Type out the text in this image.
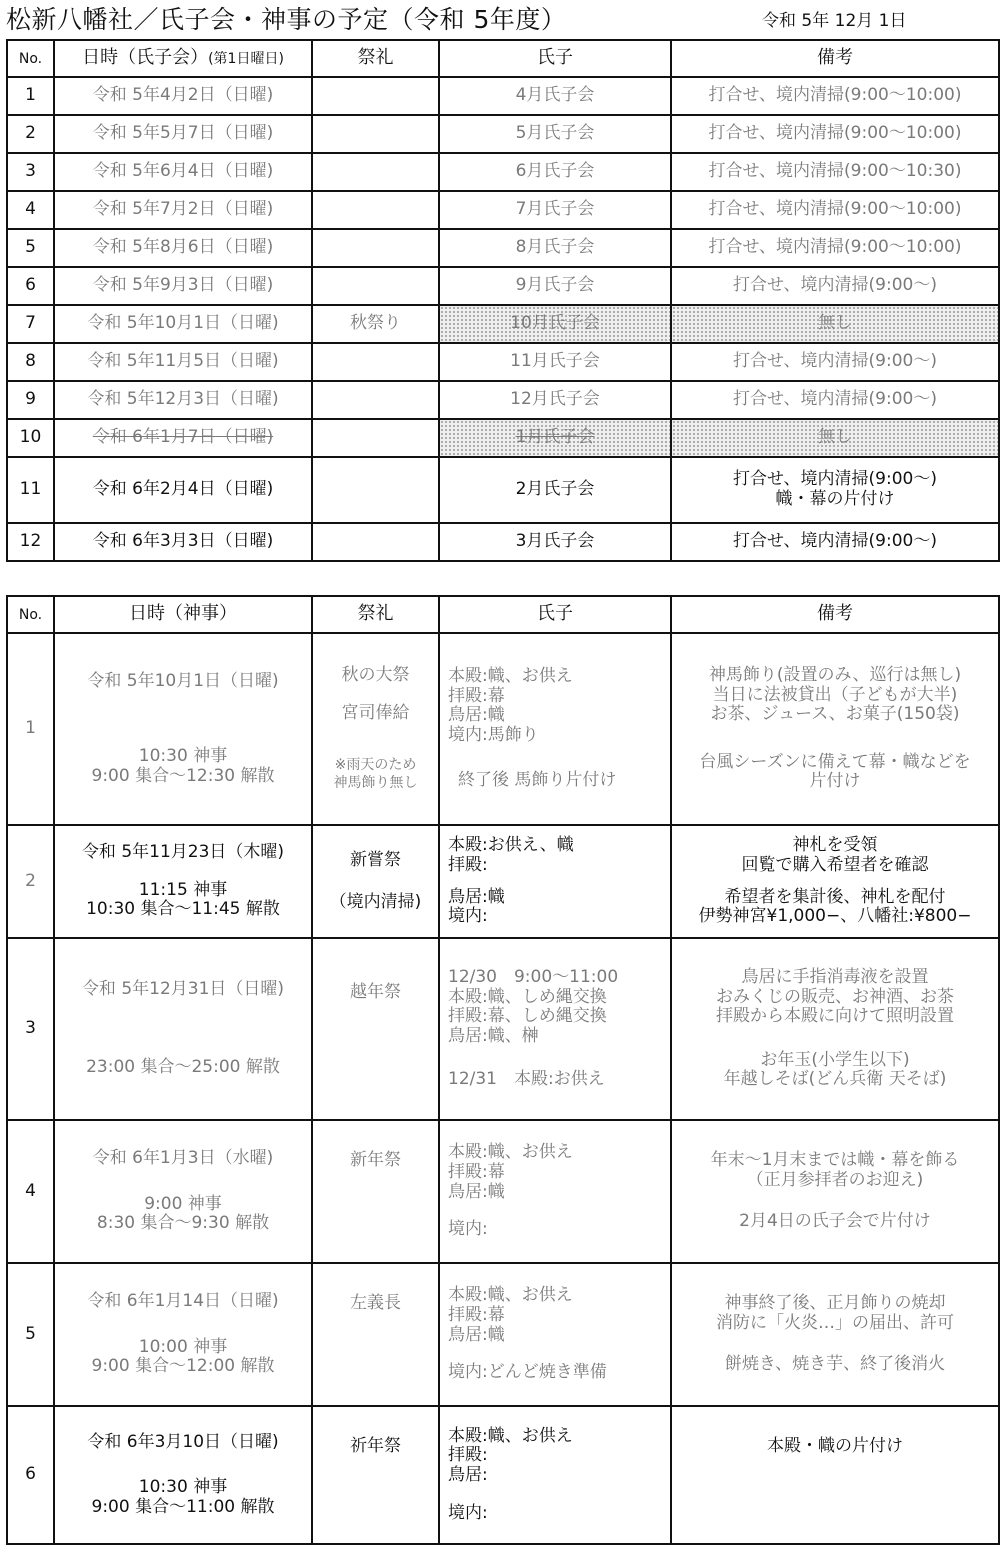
松新八幡社／氏子会・神事の予定（令和 5年度）	令和 5年 12月 1日
No.	日時（氏子会）(第1日曜日)	祭礼	氏子	備考
1	令和 5年4月2日（日曜)		4月氏子会	打合せ、境内清掃(9:00～10:00)
2	令和 5年5月7日（日曜)		5月氏子会	打合せ、境内清掃(9:00～10:00)
3	令和 5年6月4日（日曜)		6月氏子会	打合せ、境内清掃(9:00～10:30)
4	令和 5年7月2日（日曜)		7月氏子会	打合せ、境内清掃(9:00～10:00)
5	令和 5年8月6日（日曜)		8月氏子会	打合せ、境内清掃(9:00～10:00)
6	令和 5年9月3日（日曜)		9月氏子会	打合せ、境内清掃(9:00～)
7	令和 5年10月1日（日曜)	秋祭り	10月氏子会	無し
8	令和 5年11月5日（日曜)		11月氏子会	打合せ、境内清掃(9:00～)
9	令和 5年12月3日（日曜)		12月氏子会	打合せ、境内清掃(9:00～)
10	令和 6年1月7日（日曜)		1月氏子会	無し
11	令和 6年2月4日（日曜)		2月氏子会	打合せ、境内清掃(9:00～)
幟・幕の片付け

12	令和 6年3月3日（日曜)		3月氏子会	打合せ、境内清掃(9:00～)
No.	日時（神事）	祭礼	氏子	備考
1	令和 5年10月1日（日曜)
10:30 神事
9:00 集合～12:30 解散	秋の大祭
宮司俸給
※雨天のため
神馬飾り無し	本殿:幟、お供え
拝殿:幕
鳥居:幟
境内:馬飾り
終了後 馬飾り片付け	神馬飾り(設置のみ、巡行は無し)
当日に法被貸出（子どもが大半)
お茶、ジュース、お菓子(150袋)
台風シーズンに備えて幕・幟などを
片付け

2	令和 5年11月23日（木曜)
11:15 神事
10:30 集合～11:45 解散	新嘗祭
（境内清掃)	本殿:お供え、幟
拝殿:
鳥居:幟
境内:	神札を受領
回覧で購入希望者を確認
希望者を集計後、神札を配付
伊勢神宮¥1,000−、八幡社:¥800−

3	令和 5年12月31日（日曜)
23:00 集合～25:00 解散	越年祭	12/30　9:00～11:00
本殿:幟、しめ縄交換
拝殿:幕、しめ縄交換
鳥居:幟、榊
12/31　本殿:お供え	鳥居に手指消毒液を設置
おみくじの販売、お神酒、お茶
拝殿から本殿に向けて照明設置
お年玉(小学生以下)
年越しそば(どん兵衛 天そば)

4	令和 6年1月3日（水曜)
9:00 神事
8:30 集合～9:30 解散	新年祭	本殿:幟、お供え
拝殿:幕
鳥居:幟
境内:	年末～1月末までは幟・幕を飾る
（正月参拝者のお迎え)
2月4日の氏子会で片付け

5	令和 6年1月14日（日曜)
10:00 神事
9:00 集合～12:00 解散	左義長	本殿:幟、お供え
拝殿:幕
鳥居:幟
境内:どんど焼き準備	神事終了後、正月飾りの焼却
消防に「火炎…」の届出、許可
餅焼き、焼き芋、終了後消火

6	令和 6年3月10日（日曜)
10:30 神事
9:00 集合～11:00 解散	祈年祭	本殿:幟、お供え
拝殿:
鳥居:
境内:	本殿・幟の片付け
